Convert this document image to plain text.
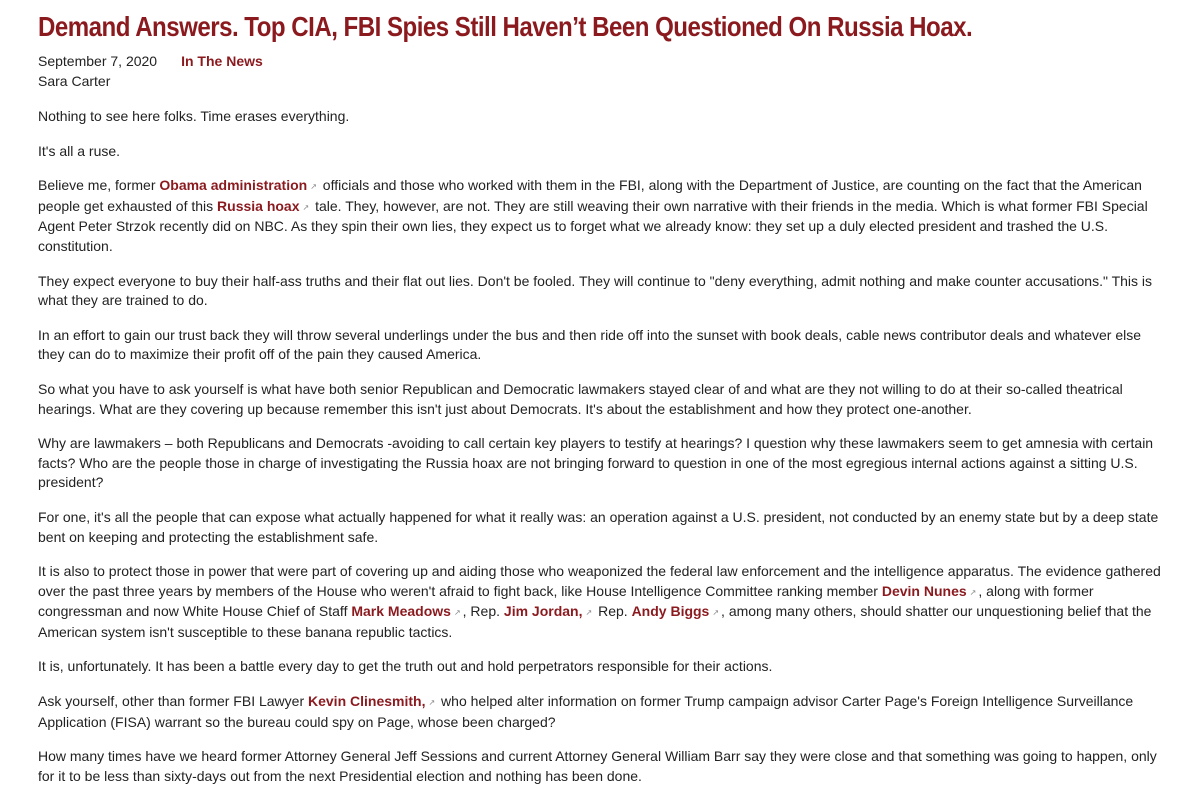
Demand Answers. Top CIA, FBI Spies Still Haven’t Been Questioned On Russia Hoax.
September 7, 2020 In The News
Sara Carter

Nothing to see here folks. Time erases everything.

It's all a ruse.

Believe me, former Obama administration ↗ officials and those who worked with them in the FBI, along with the Department of Justice, are counting on the fact that the American people get exhausted of this Russia hoax ↗ tale. They, however, are not. They are still weaving their own narrative with their friends in the media. Which is what former FBI Special Agent Peter Strzok recently did on NBC. As they spin their own lies, they expect us to forget what we already know: they set up a duly elected president and trashed the U.S. constitution.

They expect everyone to buy their half-ass truths and their flat out lies. Don't be fooled. They will continue to "deny everything, admit nothing and make counter accusations." This is what they are trained to do.

In an effort to gain our trust back they will throw several underlings under the bus and then ride off into the sunset with book deals, cable news contributor deals and whatever else they can do to maximize their profit off of the pain they caused America.

So what you have to ask yourself is what have both senior Republican and Democratic lawmakers stayed clear of and what are they not willing to do at their so-called theatrical hearings. What are they covering up because remember this isn't just about Democrats. It's about the establishment and how they protect one-another.

Why are lawmakers – both Republicans and Democrats -avoiding to call certain key players to testify at hearings? I question why these lawmakers seem to get amnesia with certain facts? Who are the people those in charge of investigating the Russia hoax are not bringing forward to question in one of the most egregious internal actions against a sitting U.S. president?

For one, it's all the people that can expose what actually happened for what it really was: an operation against a U.S. president, not conducted by an enemy state but by a deep state bent on keeping and protecting the establishment safe.

It is also to protect those in power that were part of covering up and aiding those who weaponized the federal law enforcement and the intelligence apparatus. The evidence gathered over the past three years by members of the House who weren't afraid to fight back, like House Intelligence Committee ranking member Devin Nunes ↗ , along with former congressman and now White House Chief of Staff Mark Meadows ↗ , Rep. Jim Jordan, ↗ Rep. Andy Biggs ↗ , among many others, should shatter our unquestioning belief that the American system isn't susceptible to these banana republic tactics.

It is, unfortunately. It has been a battle every day to get the truth out and hold perpetrators responsible for their actions.

Ask yourself, other than former FBI Lawyer Kevin Clinesmith, ↗ who helped alter information on former Trump campaign advisor Carter Page's Foreign Intelligence Surveillance Application (FISA) warrant so the bureau could spy on Page, whose been charged?

How many times have we heard former Attorney General Jeff Sessions and current Attorney General William Barr say they were close and that something was going to happen, only for it to be less than sixty-days out from the next Presidential election and nothing has been done.
